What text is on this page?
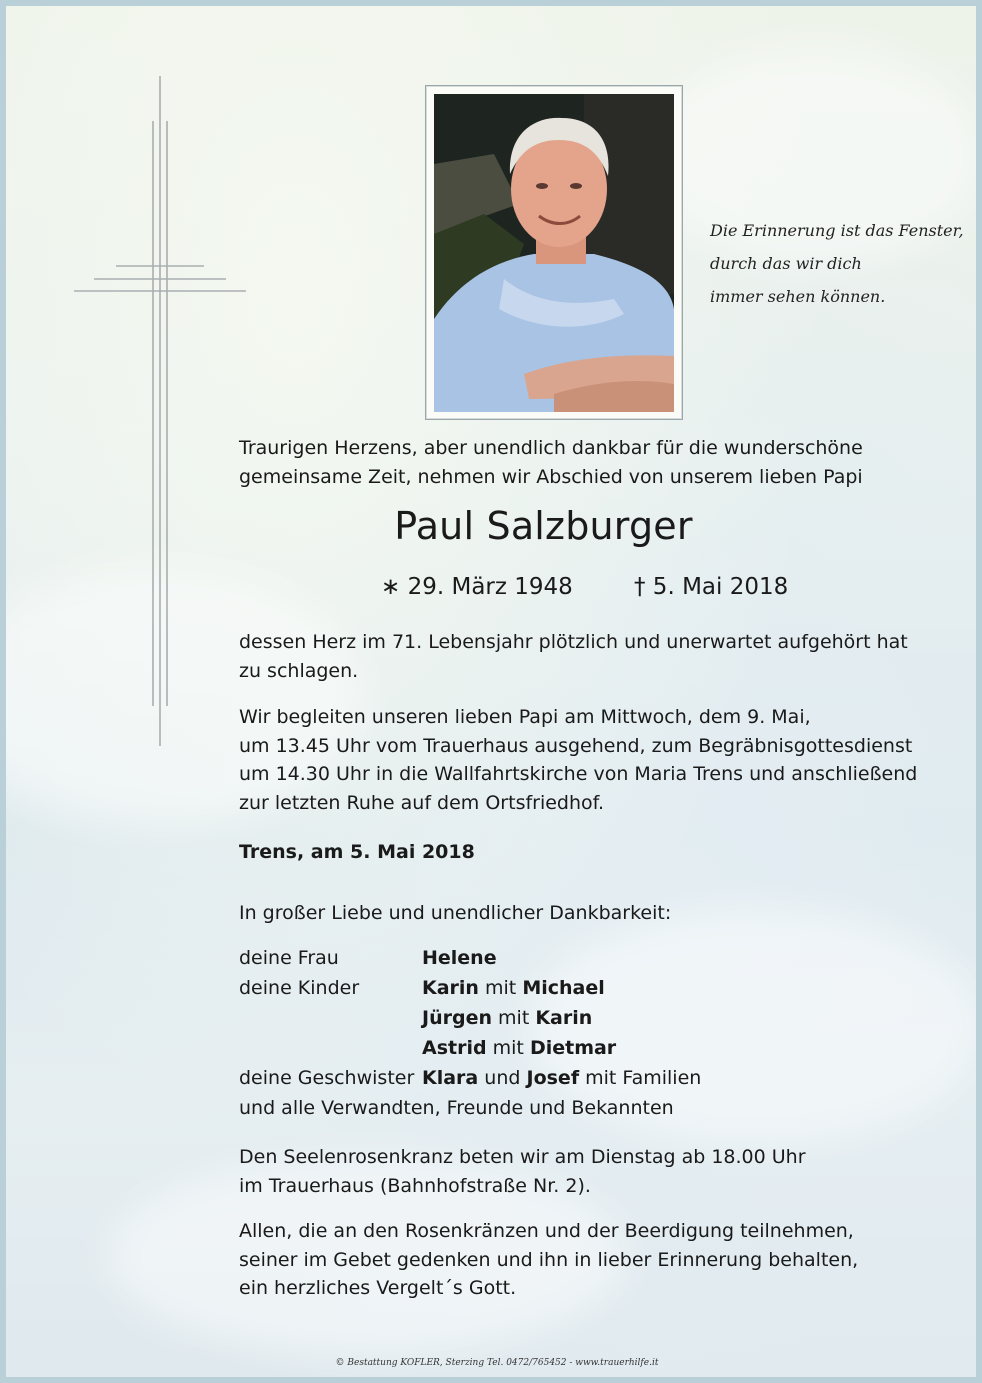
Die Erinnerung ist das Fenster,
durch das wir dich
immer sehen können.
Traurigen Herzens, aber unendlich dankbar für die wunderschöne
gemeinsame Zeit, nehmen wir Abschied von unserem lieben Papi
Paul Salzburger
∗ 29. März 1948	† 5. Mai 2018
dessen Herz im 71. Lebensjahr plötzlich und unerwartet aufgehört hat
zu schlagen.
Wir begleiten unseren lieben Papi am Mittwoch, dem 9. Mai,
um 13.45 Uhr vom Trauerhaus ausgehend, zum Begräbnisgottesdienst
um 14.30 Uhr in die Wallfahrtskirche von Maria Trens und anschließend
zur letzten Ruhe auf dem Ortsfriedhof.
Trens, am 5. Mai 2018
In großer Liebe und unendlicher Dankbarkeit:
deine Frau	Helene
deine Kinder	Karin mit Michael
Jürgen mit Karin
Astrid mit Dietmar
deine Geschwister Klara und Josef mit Familien
und alle Verwandten, Freunde und Bekannten
Den Seelenrosenkranz beten wir am Dienstag ab 18.00 Uhr
im Trauerhaus (Bahnhofstraße Nr. 2).
Allen, die an den Rosenkränzen und der Beerdigung teilnehmen,
seiner im Gebet gedenken und ihn in lieber Erinnerung behalten,
ein herzliches Vergelt´s Gott.
© Bestattung KOFLER, Sterzing Tel. 0472/765452 - www.trauerhilfe.it
